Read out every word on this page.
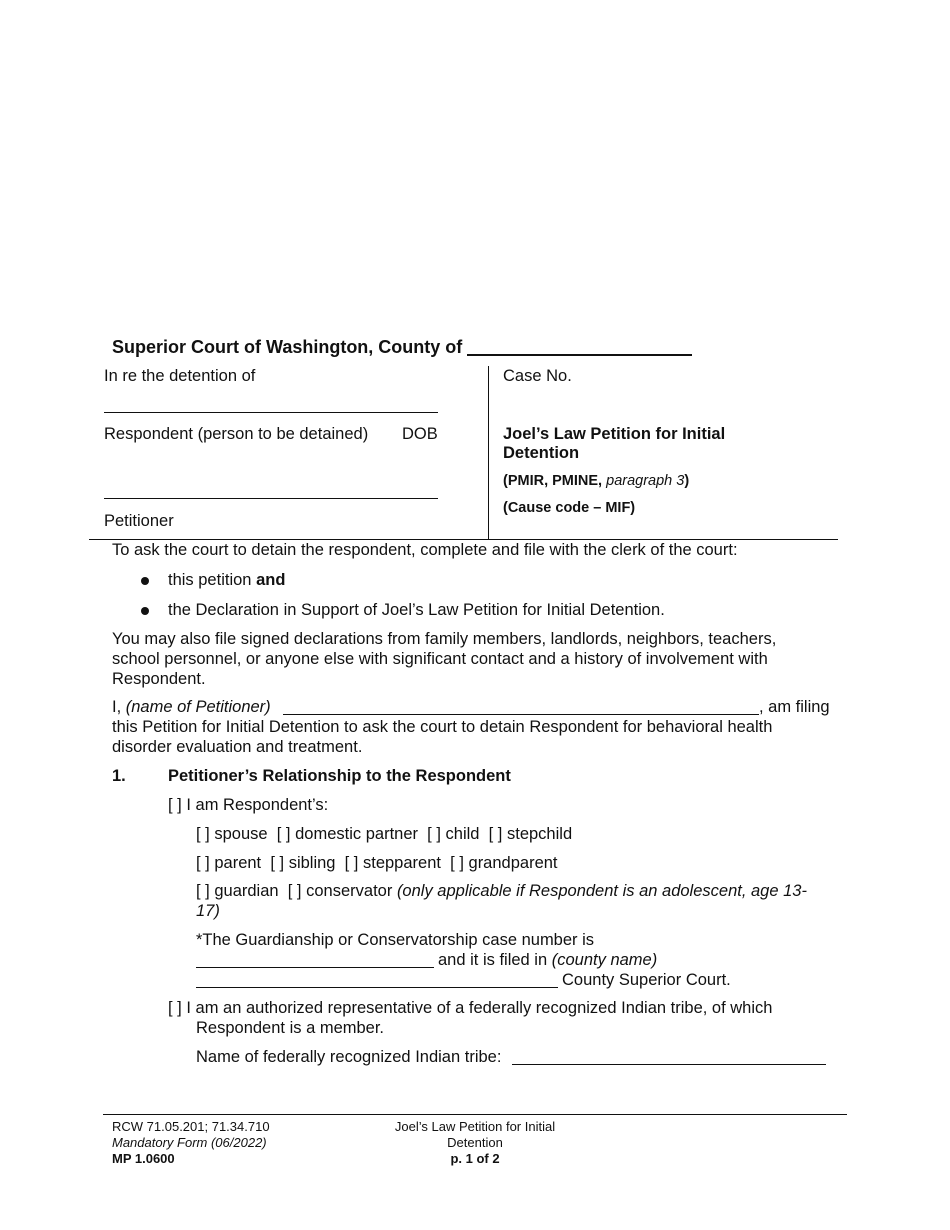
Superior Court of Washington, County of
In re the detention of
Respondent (person to be detained) DOB
Petitioner
Case No.
Joel’s Law Petition for Initial
Detention
(PMIR, PMINE, paragraph 3)
(Cause code – MIF)
To ask the court to detain the respondent, complete and file with the clerk of the court:
this petition and
the Declaration in Support of Joel’s Law Petition for Initial Detention.
You may also file signed declarations from family members, landlords, neighbors, teachers,
school personnel, or anyone else with significant contact and a history of involvement with
Respondent.
I, (name of Petitioner)	, am filing
this Petition for Initial Detention to ask the court to detain Respondent for behavioral health
disorder evaluation and treatment.
1.	Petitioner’s Relationship to the Respondent
[ ] I am Respondent’s:
[ ] spouse [ ] domestic partner [ ] child [ ] stepchild
[ ] parent [ ] sibling [ ] stepparent [ ] grandparent
[ ] guardian [ ] conservator (only applicable if Respondent is an adolescent, age 13-
17)
*The Guardianship or Conservatorship case number is
and it is filed in (county name)
County Superior Court.
[ ] I am an authorized representative of a federally recognized Indian tribe, of which
Respondent is a member.
Name of federally recognized Indian tribe:
RCW 71.05.201; 71.34.710
Mandatory Form (06/2022)
MP 1.0600
Joel’s Law Petition for Initial
Detention
p. 1 of 2
